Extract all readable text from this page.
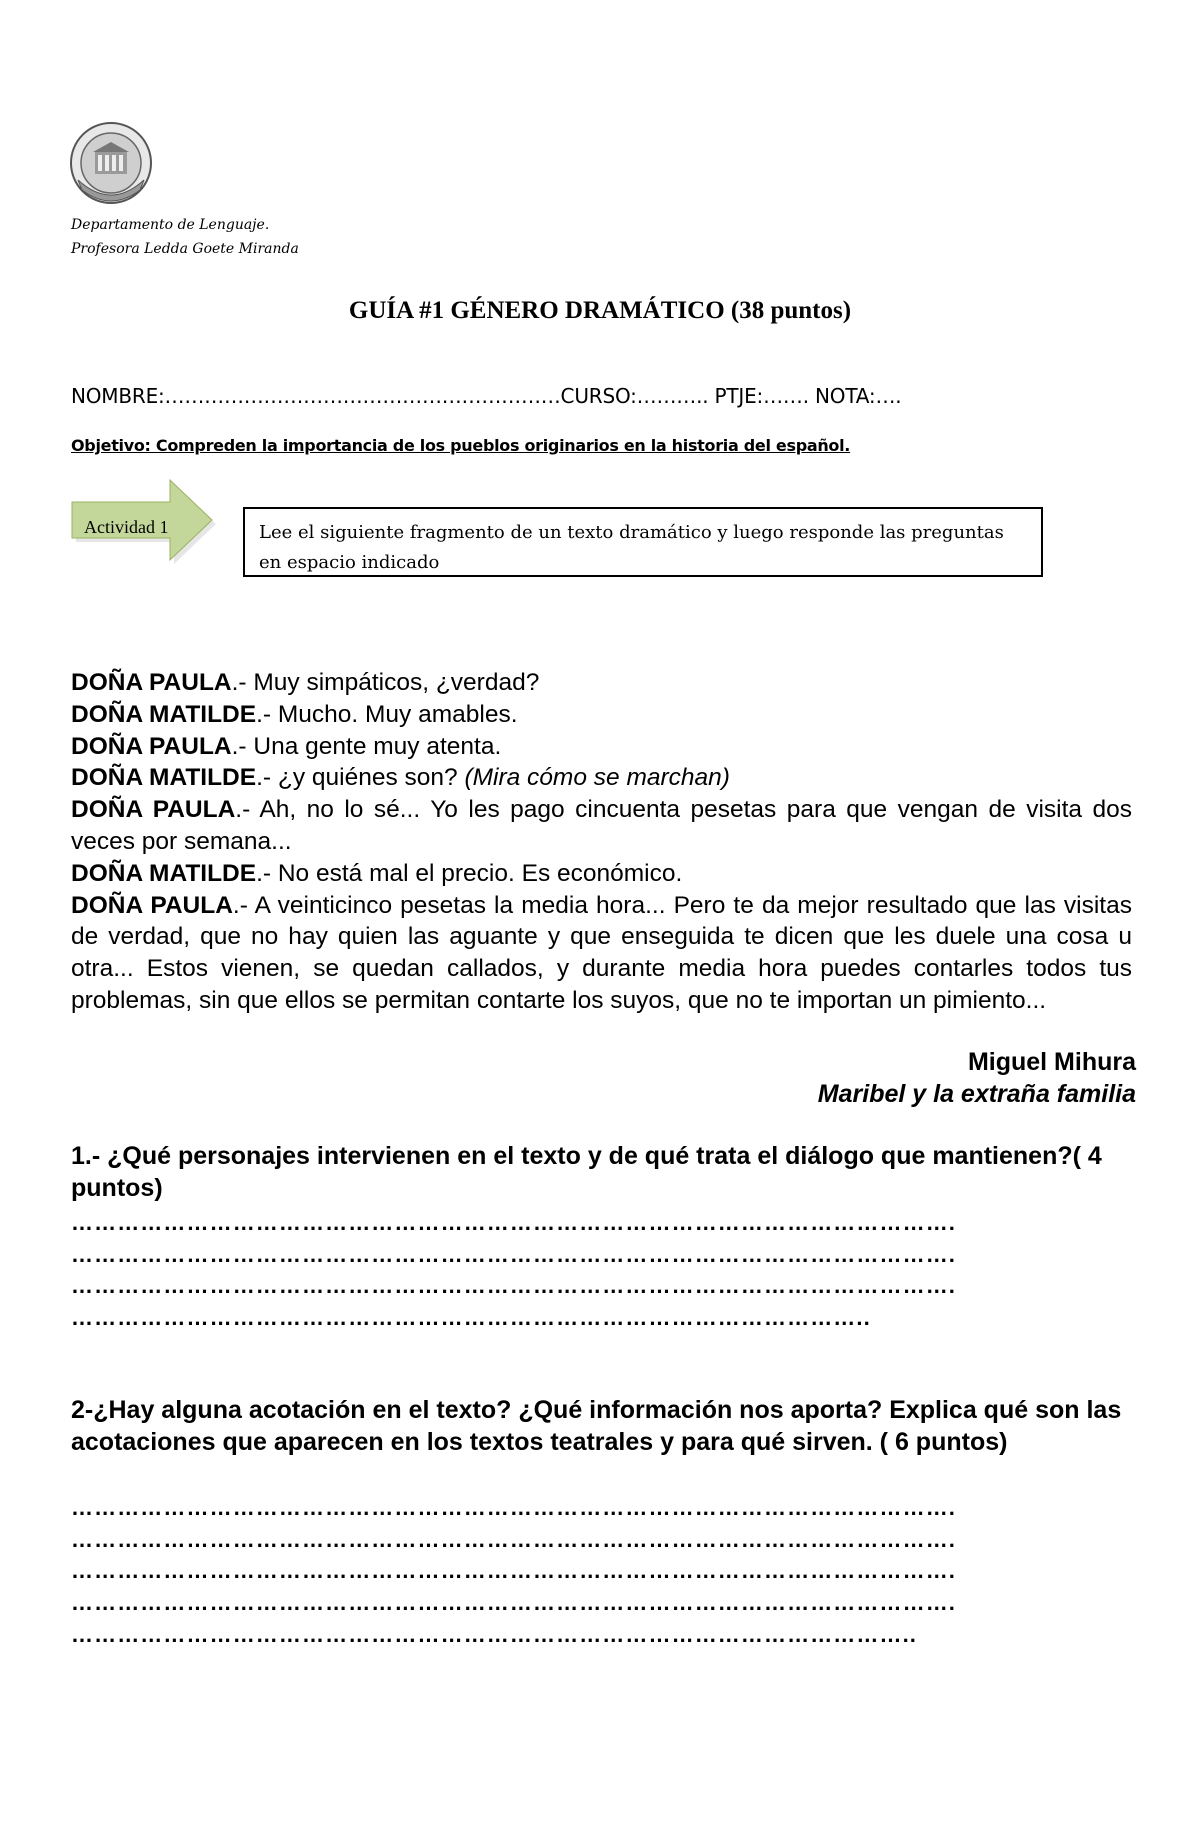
Departamento de Lenguaje.
Profesora Ledda Goete Miranda
GUÍA #1 GÉNERO DRAMÁTICO (38 puntos)
NOMBRE:……………………………………………………CURSO:……….. PTJE:……. NOTA:….
Objetivo: Compreden la importancia de los pueblos originarios en la historia del español.
Actividad 1	Lee el siguiente fragmento de un texto dramático y luego responde las preguntas en espacio indicado

DOÑA PAULA.- Muy simpáticos, ¿verdad?

DOÑA MATILDE.- Mucho. Muy amables.

DOÑA PAULA.- Una gente muy atenta.

DOÑA MATILDE.- ¿y quiénes son? (Mira cómo se marchan)

DOÑA PAULA.- Ah, no lo sé... Yo les pago cincuenta pesetas para que vengan de visita dos veces por semana...

DOÑA MATILDE.- No está mal el precio. Es económico.

DOÑA PAULA.- A veinticinco pesetas la media hora... Pero te da mejor resultado que las visitas de verdad, que no hay quien las aguante y que enseguida te dicen que les duele una cosa u otra... Estos vienen, se quedan callados, y durante media hora puedes contarles todos tus problemas, sin que ellos se permitan contarte los suyos, que no te importan un pimiento...

Miguel Mihura
Maribel y la extraña familia
1.- ¿Qué personajes intervienen en el texto y de qué trata el diálogo que mantienen?( 4 puntos)
…………………………………………………………………………………………………….
…………………………………………………………………………………………………….
…………………………………………………………………………………………………….
…………………………………………………………………………………………..
2-¿Hay alguna acotación en el texto? ¿Qué información nos aporta? Explica qué son las acotaciones que aparecen en los textos teatrales y para qué sirven. ( 6 puntos)
…………………………………………………………………………………………………….
…………………………………………………………………………………………………….
…………………………………………………………………………………………………….
…………………………………………………………………………………………………….
………………………………………………………………………………………………..
